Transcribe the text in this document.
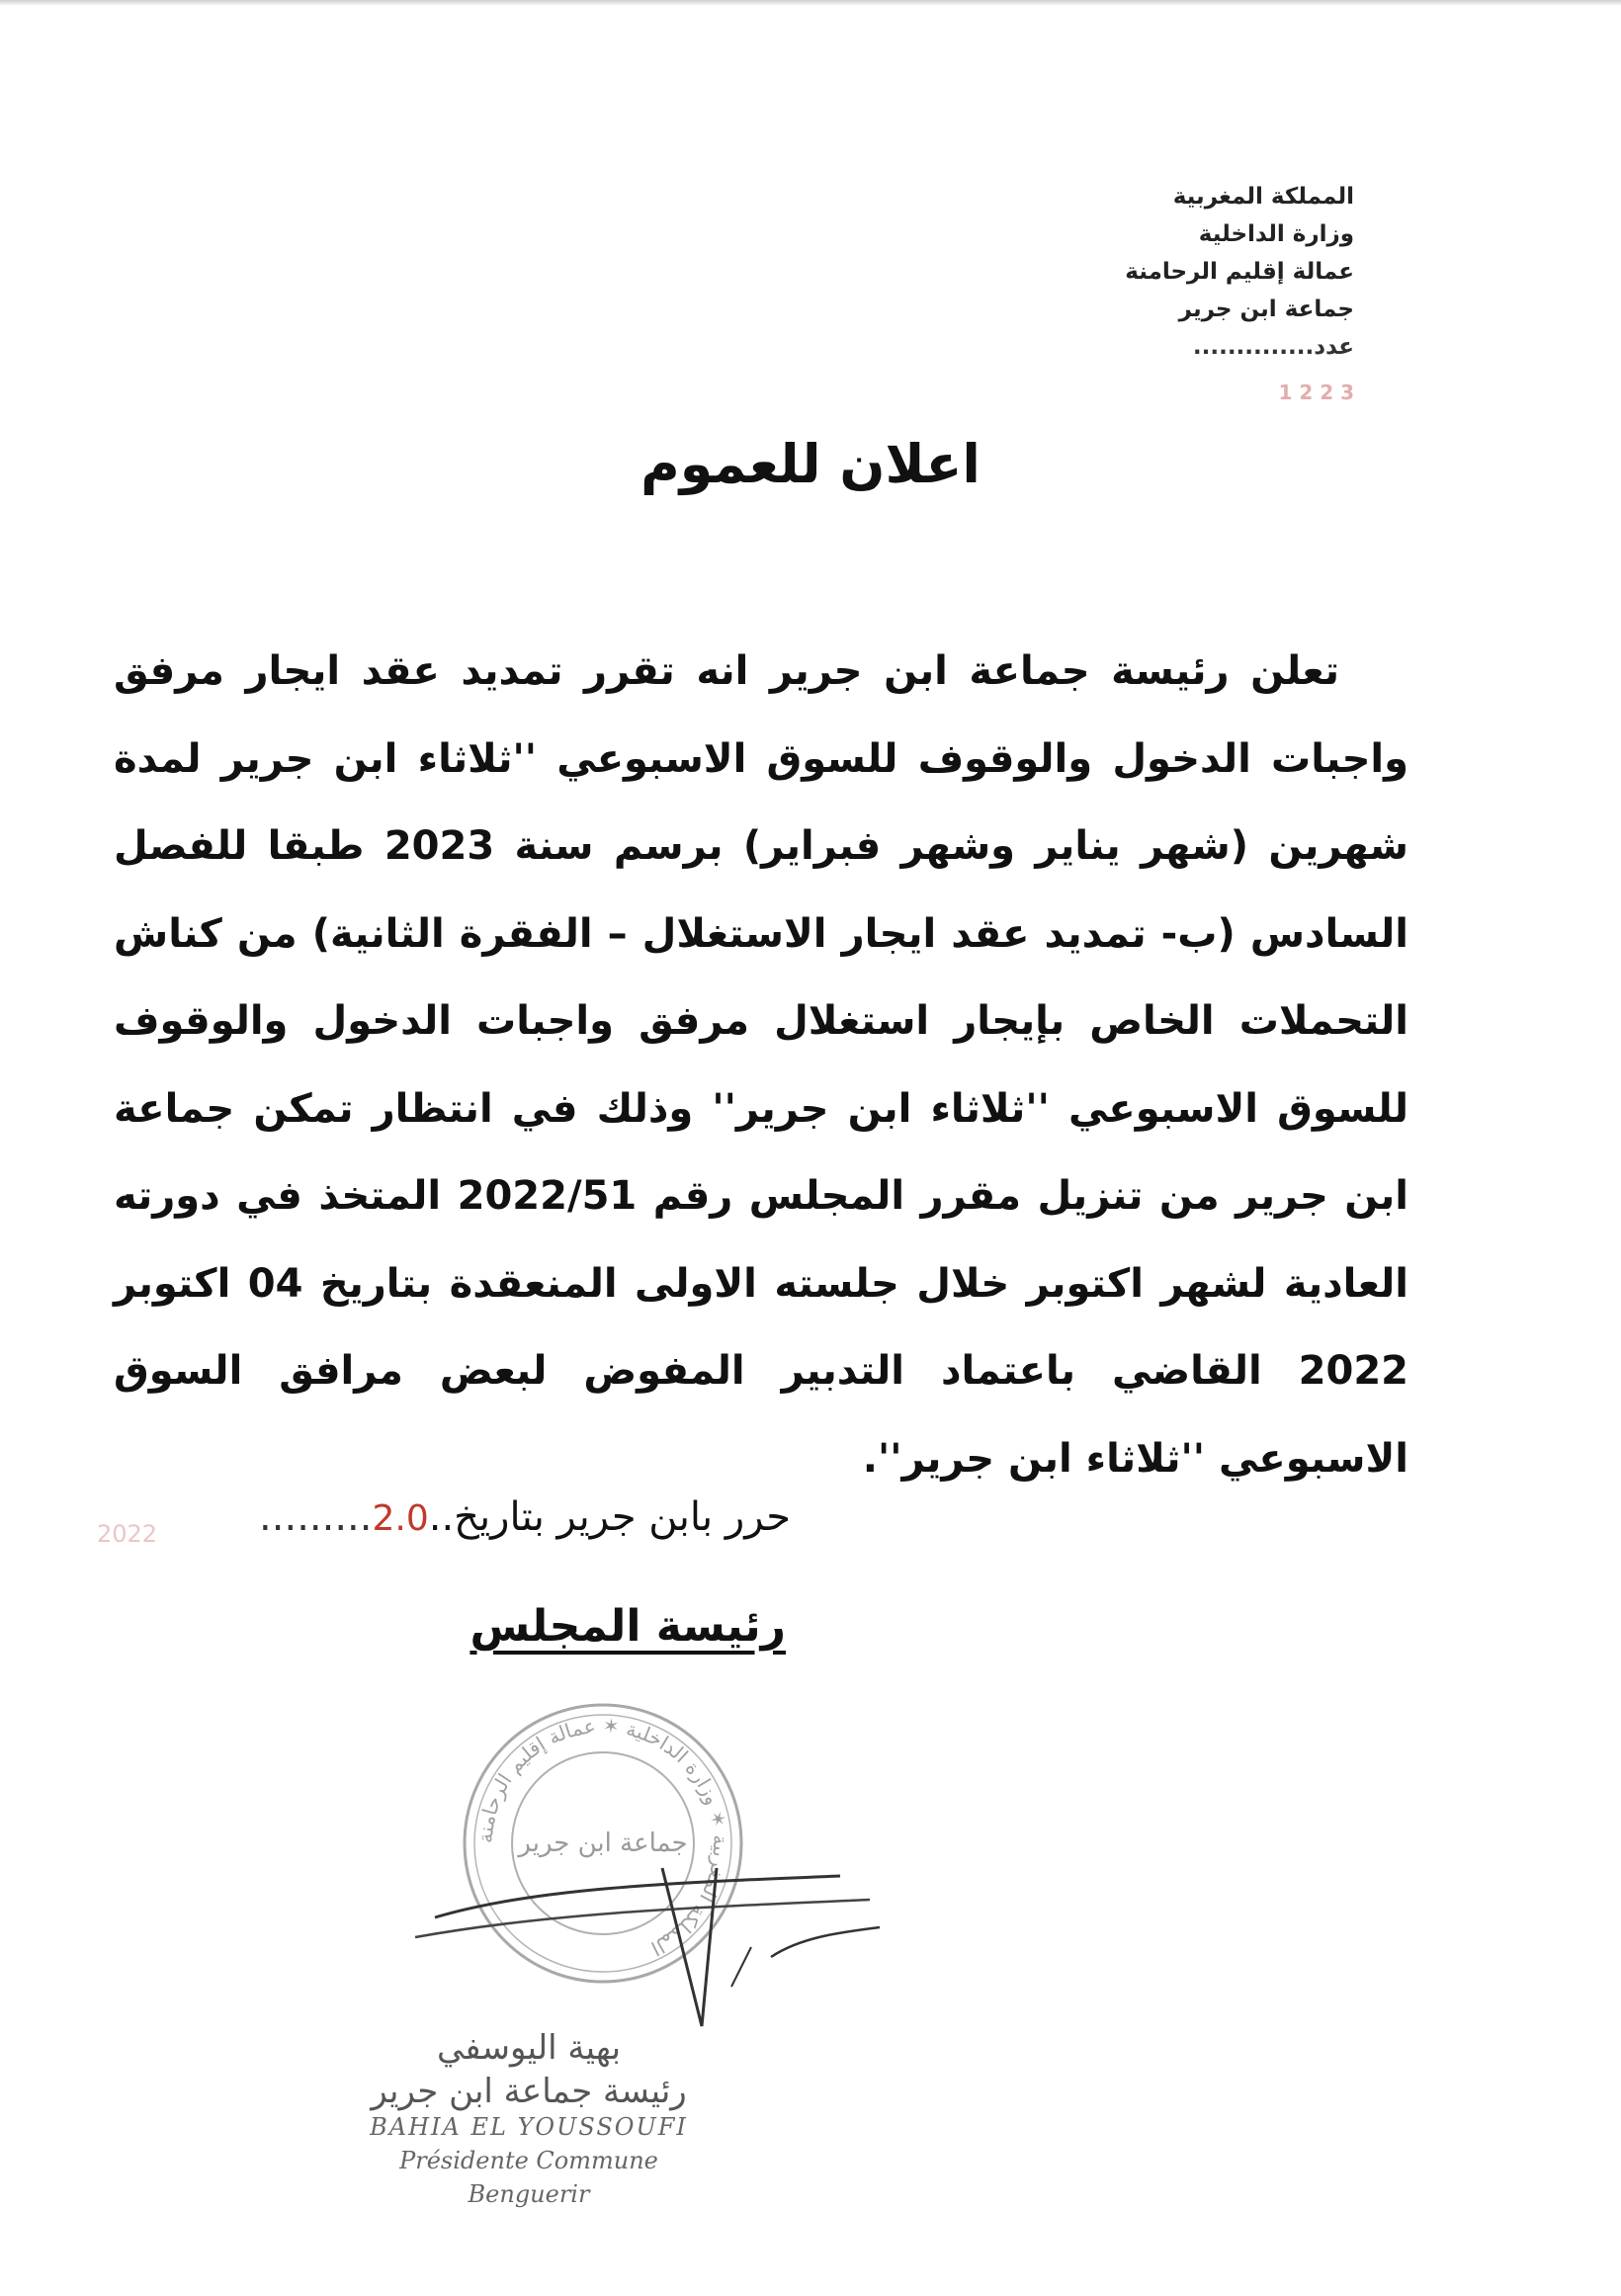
المملكة المغربية
وزارة الداخلية
عمالة إقليم الرحامنة
جماعة ابن جرير
عدد..............
1 2 2 3
اعلان للعموم

تعلن رئيسة جماعة ابن جرير انه تقرر تمديد عقد ايجار مرفق واجبات الدخول والوقوف للسوق الاسبوعي ''ثلاثاء ابن جرير لمدة شهرين (شهر يناير وشهر فبراير) برسم سنة 2023 طبقا للفصل السادس (ب- تمديد عقد ايجار الاستغلال – الفقرة الثانية) من كناش التحملات الخاص بإيجار استغلال مرفق واجبات الدخول والوقوف للسوق الاسبوعي ''ثلاثاء ابن جرير'' وذلك في انتظار تمكن جماعة ابن جرير من تنزيل مقرر المجلس رقم 2022/51 المتخذ في دورته العادية لشهر اكتوبر خلال جلسته الاولى المنعقدة بتاريخ 04 اكتوبر 2022 القاضي باعتماد التدبير المفوض لبعض مرافق السوق الاسبوعي ''ثلاثاء ابن جرير''.

حرر بابن جرير بتاريخ..2.0.........
2022
رئيسة المجلس
المملكة المغربية ✶ وزارة الداخلية ✶ عمالة إقليم الرحامنة
جماعة ابن جرير
بهية اليوسفي
رئيسة جماعة ابن جرير
BAHIA EL YOUSSOUFI
Présidente Commune Benguerir
